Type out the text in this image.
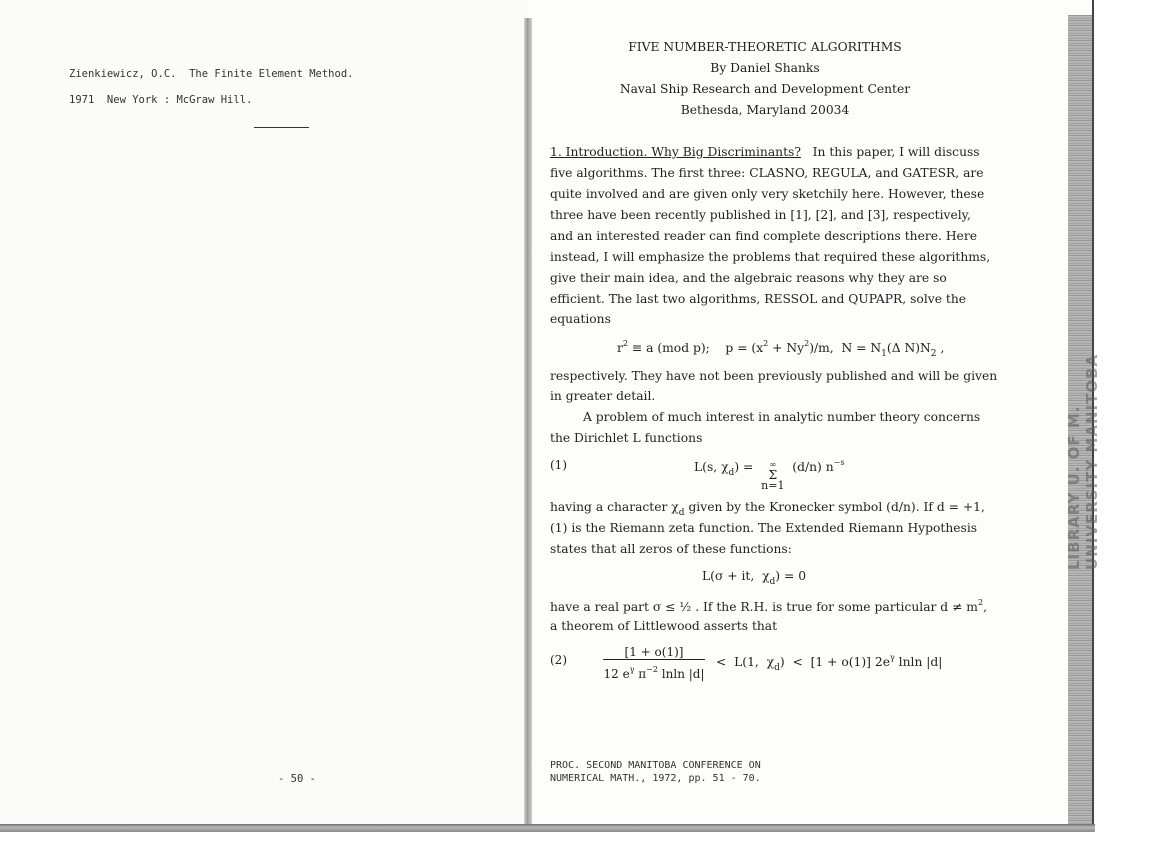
LIBRARY U. OF M. UNIVERSITY MANITOBA
Zienkiewicz, O.C.  The Finite Element Method.
1971  New York : McGraw Hill.
- 50 -
FIVE NUMBER-THEORETIC ALGORITHMS
By Daniel Shanks
Naval Ship Research and Development Center
Bethesda, Maryland 20034
1. Introduction. Why Big Discriminants? In this paper, I will discuss
five algorithms. The first three: CLASNO, REGULA, and GATESR, are
quite involved and are given only very sketchily here. However, these
three have been recently published in [1], [2], and [3], respectively,
and an interested reader can find complete descriptions there. Here
instead, I will emphasize the problems that required these algorithms,
give their main idea, and the algebraic reasons why they are so
efficient. The last two algorithms, RESSOL and QUPAPR, solve the
equations
$r^2 \equiv a$ (mod p);    $p = (x^2 + Ny^2)/m$,  $N = N_1(\Delta$ $N)N_2$ ,
respectively. They have not been previously published and will be given
in greater detail.
A problem of much interest in analytic number theory concerns
the Dirichlet L functions
(1)	L(s, $\chi_d$) =  ∞
Σ
n=1  (d/n) $n^{-s}$
having a character $\chi_d$ given by the Kronecker symbol (d/n). If d = +1,
(1) is the Riemann zeta function. The Extended Riemann Hypothesis
states that all zeros of these functions:
L(σ + it,  $\chi_d) = 0$
have a real part σ ≤ ½ . If the R.H. is true for some particular $d \ne m^2$,
a theorem of Littlewood asserts that
(2)
[1 + o(1)]
12 $e^\gamma$ $\pi^{-2}$ lnln |d|
<  L(1,  $\chi_d) < [1 + o(1)]$ $2e^\gamma$ lnln |d|
PROC. SECOND MANITOBA CONFERENCE ON
NUMERICAL MATH., 1972, pp. 51 - 70.
